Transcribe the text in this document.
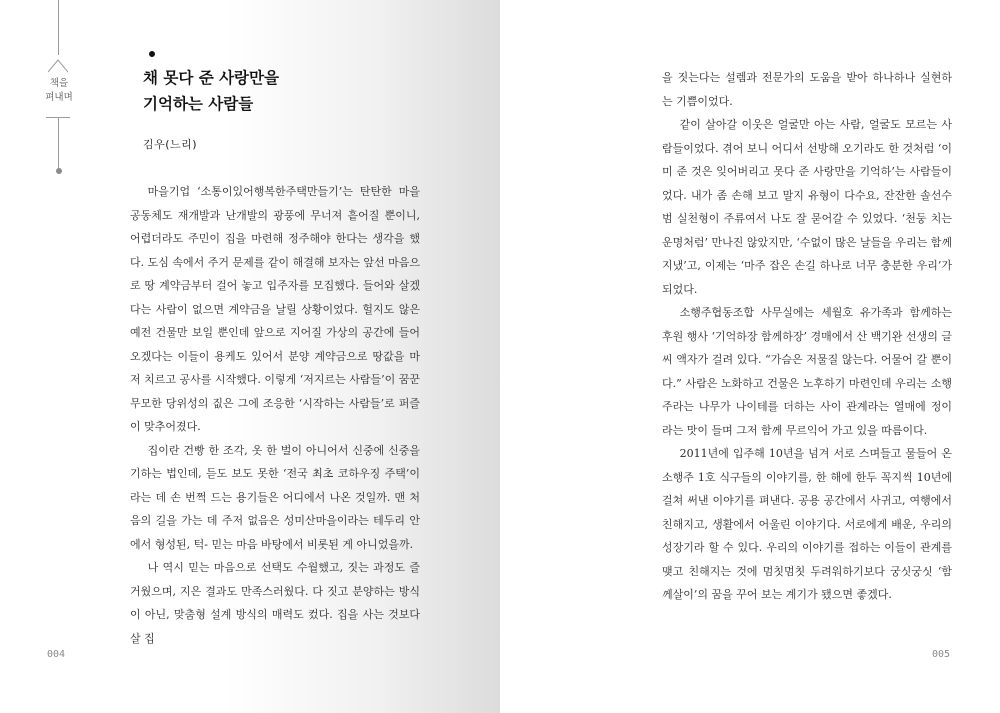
책을
펴내며
채 못다 준 사랑만을
기억하는 사람들
김우(느리)

마을기업 ‘소통이있어행복한주택만들기’는 탄탄한 마을 공동체도 재개발과 난개발의 광풍에 무너져 흩어질 뿐이니, 어렵더라도 주민이 집을 마련해 정주해야 한다는 생각을 했다. 도심 속에서 주거 문제를 같이 해결해 보자는 앞선 마음으로 땅 계약금부터 걸어 놓고 입주자를 모집했다. 들어와 살겠다는 사람이 없으면 계약금을 날릴 상황이었다. 헐지도 않은 예전 건물만 보일 뿐인데 앞으로 지어질 가상의 공간에 들어오겠다는 이들이 용케도 있어서 분양 계약금으로 땅값을 마저 치르고 공사를 시작했다. 이렇게 ‘저지르는 사람들’이 꿈꾼 무모한 당위성의 짒은 그에 조응한 ‘시작하는 사람들’로 퍼즐이 맞추어졌다.

집이란 건빵 한 조각, 옷 한 벌이 아니어서 신중에 신중을 기하는 법인데, 듣도 보도 못한 ‘전국 최초 코하우징 주택’이라는 데 손 번쩍 드는 용기들은 어디에서 나온 것일까. 맨 처음의 길을 가는 데 주저 없음은 성미산마을이라는 테두리 안에서 형성된, 턱- 믿는 마음 바탕에서 비롯된 게 아니었을까.

나 역시 믿는 마음으로 선택도 수월했고, 짓는 과정도 즐거웠으며, 지은 결과도 만족스러웠다. 다 짓고 분양하는 방식이 아닌, 맞춤형 설계 방식의 매력도 컸다. 집을 사는 것보다 살 집

004

을 짓는다는 설렘과 전문가의 도움을 받아 하나하나 실현하는 기쁨이었다.

같이 살아갈 이웃은 얼굴만 아는 사람, 얼굴도 모르는 사람들이었다. 겪어 보니 어디서 선방해 오기라도 한 것처럼 ‘이미 준 것은 잊어버리고 못다 준 사랑만을 기억하’는 사람들이었다. 내가 좀 손해 보고 말지 유형이 다수요, 잔잔한 솔선수범 실천형이 주류여서 나도 잘 묻어갈 수 있었다. ‘천둥 치는 운명처럼’ 만나진 않았지만, ‘수없이 많은 날들을 우리는 함께 지냈’고, 이제는 ‘마주 잡은 손길 하나로 너무 충분한 우리’가 되었다.

소행주협동조합 사무실에는 세월호 유가족과 함께하는 후원 행사 ‘기억하장 함께하장’ 경매에서 산 백기완 선생의 글씨 액자가 걸려 있다. “가슴은 저물질 않는다. 어물어 갈 뿐이다.” 사람은 노화하고 건물은 노후하기 마련인데 우리는 소행주라는 나무가 나이테를 더하는 사이 관계라는 열매에 정이라는 맛이 들며 그저 함께 무르익어 가고 있을 따름이다.

2011년에 입주해 10년을 넘겨 서로 스며들고 물들어 온 소행주 1호 식구들의 이야기를, 한 해에 한두 꼭지씩 10년에 걸쳐 써낸 이야기를 펴낸다. 공용 공간에서 사귀고, 여행에서 친해지고, 생활에서 어울린 이야기다. 서로에게 배운, 우리의 성장기라 할 수 있다. 우리의 이야기를 접하는 이들이 관계를 맺고 친해지는 것에 멈칫멈칫 두려워하기보다 궁싯궁싯 ‘함께살이’의 꿈을 꾸어 보는 계기가 됐으면 좋겠다.

005
